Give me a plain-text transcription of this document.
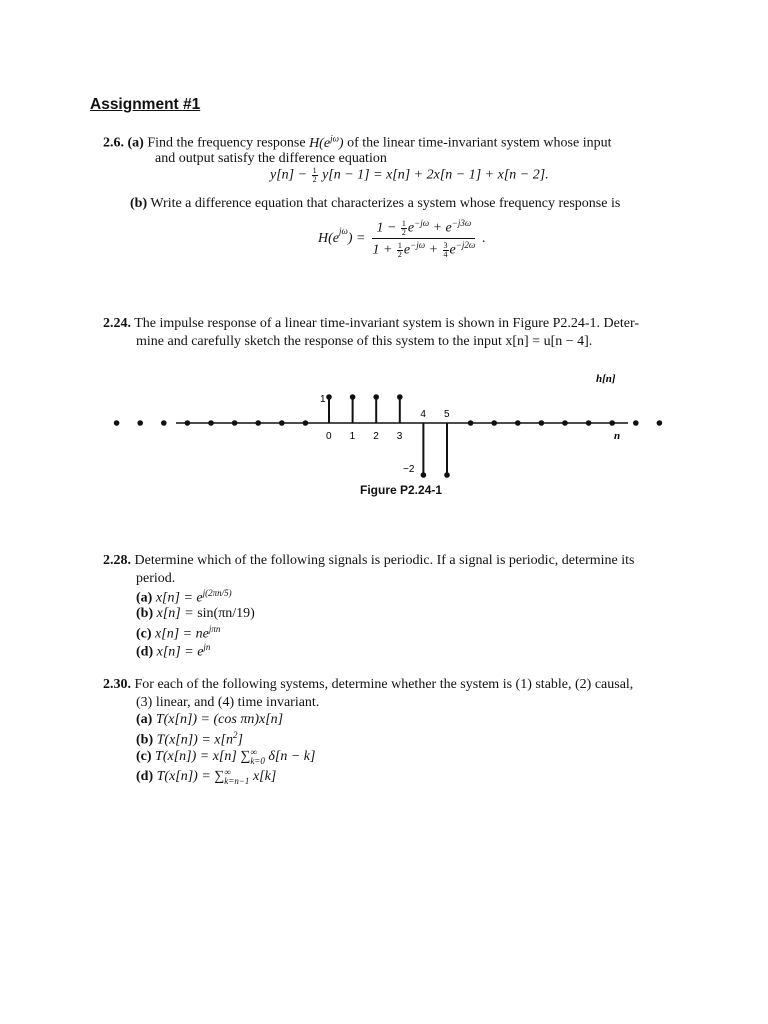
Assignment #1
2.6. (a) Find the frequency response $H(e^{j\omega})$ of the linear time-invariant system whose input
and output satisfy the difference equation
$y[n] - \frac{1}{2} y[n - 1] = x[n] + 2x[n - 1] + x[n - 2]$.
(b) Write a difference equation that characterizes a system whose frequency response is
$H(e^{j\omega}$ ) = $\frac{1 - \frac{1}{2} e^{-j\omega} + e^{-j3\omega}}{1 + \frac{1}{2} e^{-j\omega} + \frac{3}{4} e^{-j2\omega}}$ .
2.24. The impulse response of a linear time-invariant system is shown in Figure P2.24-1. Deter-
mine and carefully sketch the response of this system to the input x[n] = u[n − 4].
h[n]
n
1
−2
0 1 2 3
4 5
Figure P2.24-1
2.28. Determine which of the following signals is periodic. If a signal is periodic, determine its
period.
(a) $x[n] = e^{j(2\pi n/5)}$
(b) x[n] = sin(πn/19)
(c) $x[n] = ne^{j\pi n}$
(d) $x[n] = e^{jn}$
2.30. For each of the following systems, determine whether the system is (1) stable, (2) causal,
(3) linear, and (4) time invariant.
(a) T(x[n]) = (cos πn)x[n]
(b) $T(x[n]) = x[n^2]$
(c) T(x[n]) = x[n] ∑ ∞
k=0 δ[n − k]
(d) T(x[n]) = ∑ ∞
k=n−1 x[k]
